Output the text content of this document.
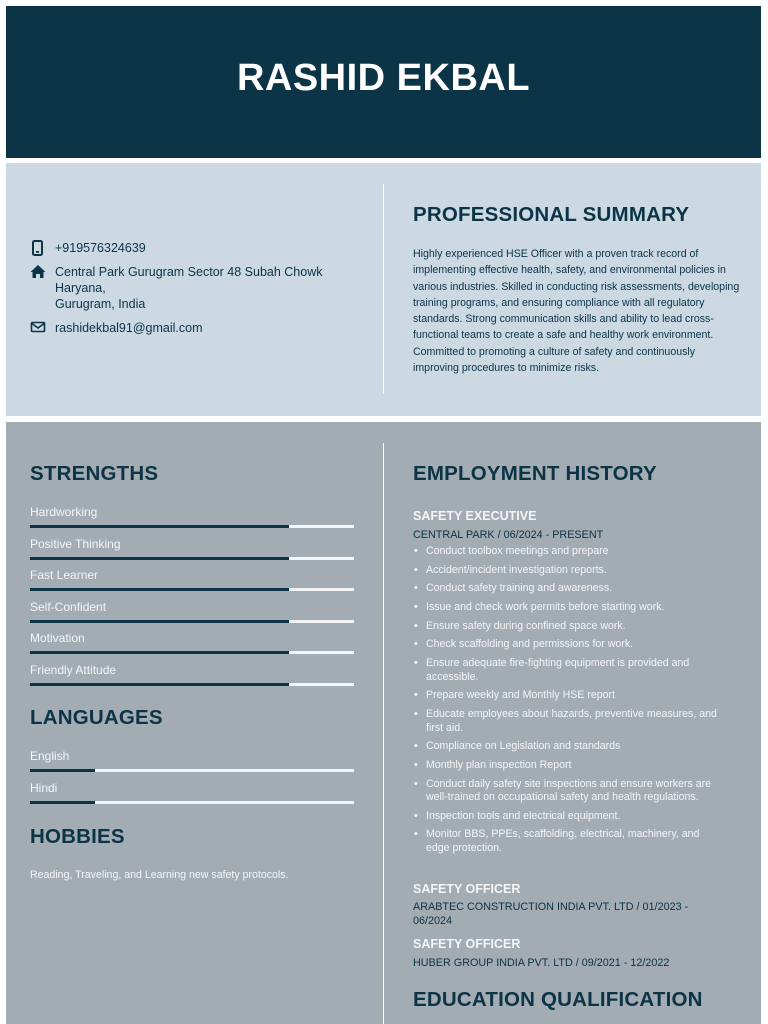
RASHID EKBAL
+919576324639
Central Park Gurugram Sector 48 Subah Chowk
Haryana,
Gurugram, India
rashidekbal91@gmail.com
PROFESSIONAL SUMMARY
Highly experienced HSE Officer with a proven track record of implementing effective health, safety, and environmental policies in various industries. Skilled in conducting risk assessments, developing training programs, and ensuring compliance with all regulatory standards. Strong communication skills and ability to lead cross-functional teams to create a safe and healthy work environment. Committed to promoting a culture of safety and continuously improving procedures to minimize risks.
STRENGTHS
Hardworking
Positive Thinking
Fast Learner
Self-Confident
Motivation
Friendly Attitude
LANGUAGES
English
Hindi
HOBBIES
Reading, Traveling, and Learning new safety protocols.
EMPLOYMENT HISTORY
SAFETY EXECUTIVE
CENTRAL PARK / 06/2024 - PRESENT
• Conduct toolbox meetings and prepare
• Accident/incident investigation reports.
• Conduct safety training and awareness.
• Issue and check work permits before starting work.
• Ensure safety during confined space work.
• Check scaffolding and permissions for work.
• Ensure adequate fire-fighting equipment is provided and accessible.
• Prepare weekly and Monthly HSE report
• Educate employees about hazards, preventive measures, and first aid.
• Compliance on Legislation and standards
• Monthly plan inspection Report
• Conduct daily safety site inspections and ensure workers are well-trained on occupational safety and health regulations.
• Inspection tools and electrical equipment.
• Monitor BBS, PPEs, scaffolding, electrical, machinery, and edge protection.
SAFETY OFFICER
ARABTEC CONSTRUCTION INDIA PVT. LTD / 01/2023 - 06/2024
SAFETY OFFICER
HUBER GROUP INDIA PVT. LTD / 09/2021 - 12/2022
EDUCATION QUALIFICATION
